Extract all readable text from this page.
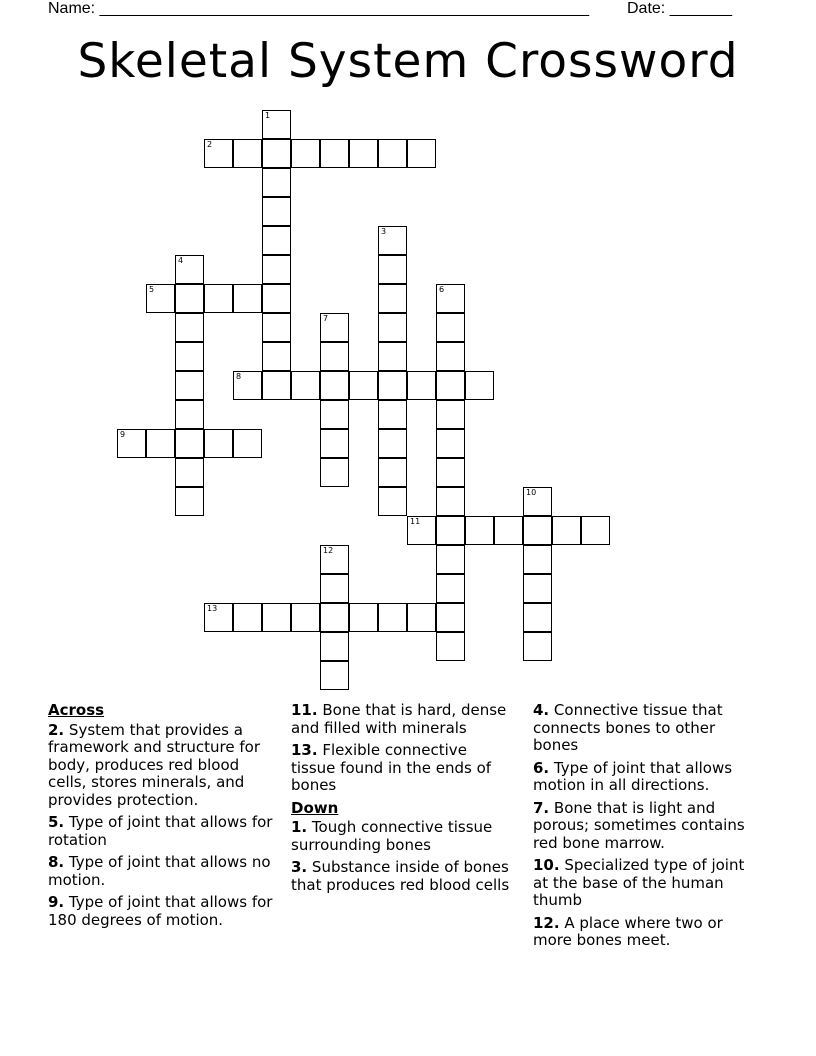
Name: _______________________________________________________ Date: _______
Skeletal System Crossword
1
2
3
4
5	6
7
8
9
10
11
12
13
Across
2. System that provides a framework and structure for body, produces red blood cells, stores minerals, and provides protection.
5. Type of joint that allows for rotation
8. Type of joint that allows no motion.
9. Type of joint that allows for 180 degrees of motion.
11. Bone that is hard, dense and filled with minerals
13. Flexible connective tissue found in the ends of bones
Down
1. Tough connective tissue surrounding bones
3. Substance inside of bones that produces red blood cells
4. Connective tissue that connects bones to other bones
6. Type of joint that allows motion in all directions.
7. Bone that is light and porous; sometimes contains red bone marrow.
10. Specialized type of joint at the base of the human thumb
12. A place where two or more bones meet.
